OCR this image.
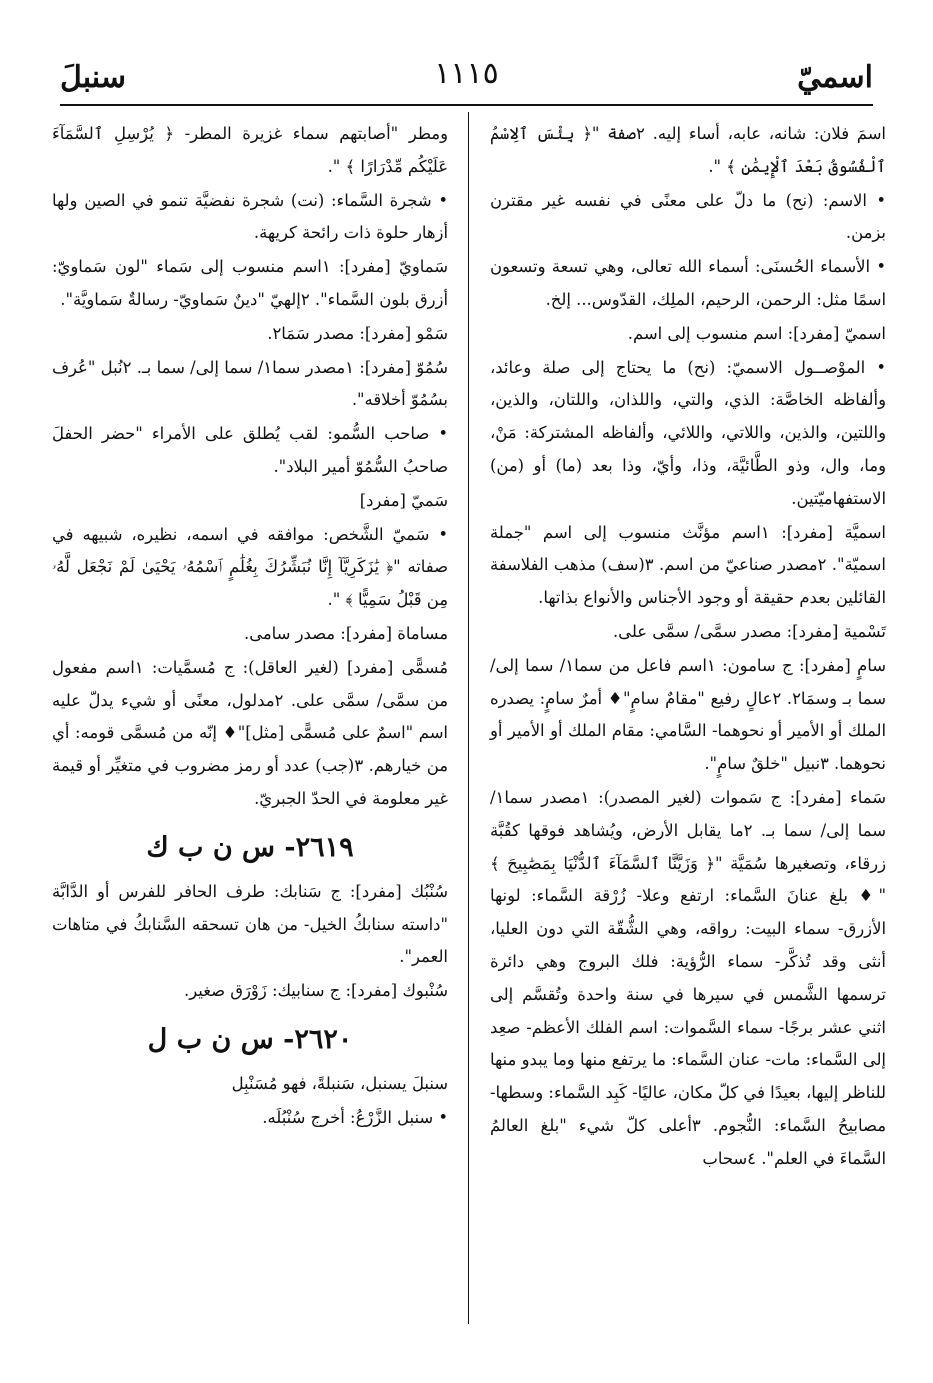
اسميّ
١١١٥
سنبلَ

اسمَ فلان: شانه، عابه، أساء إليه. ٢صفة "﴿ بِئْسَ ٱلِاسْمُ ٱلْفُسُوقُ بَعْدَ ٱلْإِيمَٰنِ ﴾ ".

• الاسم: (نح) ما دلّ على معنًى في نفسه غير مقترن بزمن.

• الأسماء الحُسنَى: أسماء الله تعالى، وهي تسعة وتسعون اسمًا مثل: الرحمن، الرحيم، الملِك، القدّوس... إلخ.

اسميّ [مفرد]: اسم منسوب إلى اسم.

• الموْصــول الاسميّ: (نح) ما يحتاج إلى صلة وعائد، وألفاظه الخاصَّة: الذي، والتي، واللذان، واللتان، والذين، واللتين، والذين، واللاتي، واللائي، وألفاظه المشتركة: مَنْ، وما، وال، وذو الطَّائيَّة، وذا، وأيّ، وذا بعد (ما) أو (من) الاستفهاميّتين.

اسميَّة [مفرد]: ١اسم مؤنَّث منسوب إلى اسم "جملة اسميّة". ٢مصدر صناعيّ من اسم. ٣(سف) مذهب الفلاسفة القائلين بعدم حقيقة أو وجود الأجناس والأنواع بذاتها.

تَسْمية [مفرد]: مصدر سمَّى/ سمَّى على.

سامٍ [مفرد]: ج سامون: ١اسم فاعل من سما١/ سما إلى/ سما بـ وسمَا٢. ٢عالٍ رفيع "مقامٌ سامٍ"♦ أمرٌ سامٍ: يصدره الملك أو الأمير أو نحوهما- السَّامي: مقام الملك أو الأمير أو نحوهما. ٣نبيل "خلقٌ سامٍ".

سَماء [مفرد]: ج سَموات (لغير المصدر): ١مصدر سما١/ سما إلى/ سما بـ. ٢ما يقابل الأرض، ويُشاهد فوقها كقُبَّة زرقاء، وتصغيرها سُمَيَّة "﴿ وَزَيَّنَّا ٱلسَّمَآءَ ٱلدُّنْيَا بِمَصَٰبِيحَ ﴾ "♦ بلغ عنانَ السَّماء: ارتفع وعلا- زُرْقة السَّماء: لونها الأزرق- سماء البيت: رواقه، وهي الشُّقّة التي دون العليا، أنثى وقد تُذكَّر- سماء الرُّؤية: فلك البروج وهي دائرة ترسمها الشَّمس في سيرها في سنة واحدة وتُقسَّم إلى اثني عشر برجًا- سماء السَّموات: اسم الفلك الأعظم- صعِد إلى السَّماء: مات- عنان السَّماء: ما يرتفع منها وما يبدو منها للناظر إليها، بعيدًا في كلّ مكان، عاليًا- كَبِد السَّماء: وسطها- مصابيحُ السَّماء: النُّجوم. ٣أعلى كلّ شيء "بلغ العالمُ السَّماءَ في العلم". ٤سحاب

ومطر "أصابتهم سماء غزيرة المطر- ﴿ يُرْسِلِ ٱلسَّمَآءَ عَلَيْكُم مِّدْرَارًا ﴾ ".

• شجرة السَّماء: (نت) شجرة نفضيَّة تنمو في الصين ولها أزهار حلوة ذات رائحة كريهة.

سَماويّ [مفرد]: ١اسم منسوب إلى سَماء "لون سَماويّ: أزرق بلون السَّماء". ٢إلهيّ "دينٌ سَماويّ- رسالةٌ سَماويَّة".

سَمْو [مفرد]: مصدر سَمَا٢.

سُمُوّ [مفرد]: ١مصدر سما١/ سما إلى/ سما بـ. ٢نُبل "عُرف بسُمُوّ أخلاقه".

• صاحب السُّمو: لقب يُطلق على الأمراء "حضر الحفلَ صاحبُ السُّمُوّ أمير البلاد".

سَميّ [مفرد]

• سَميّ الشَّخص: موافقه في اسمه، نظيره، شبيهه في صفاته "﴿ يَٰزَكَرِيَّآ إِنَّا نُبَشِّرُكَ بِغُلَٰمٍ ٱسْمُهُۥ يَحْيَىٰ لَمْ نَجْعَل لَّهُۥ مِن قَبْلُ سَمِيًّا ﴾ ".

مساماة [مفرد]: مصدر سامى.

مُسمًّى [مفرد] (لغير العاقل): ج مُسمَّيات: ١اسم مفعول من سمَّى/ سمَّى على. ٢مدلول، معنًى أو شيء يدلّ عليه اسم "اسمٌ على مُسمًّى [مثل]"♦ إنّه من مُسمَّى قومه: أي من خيارهم. ٣(جب) عدد أو رمز مضروب في متغيِّر أو قيمة غير معلومة في الحدّ الجبريّ.

٢٦١٩- س ن ب ك

سُنْبُك [مفرد]: ج سَنابك: طرف الحافر للفرس أو الدَّابَّة "داسته سنابكُ الخيل- من هان تسحقه السَّنابكُ في متاهات العمر".

سُنْبوك [مفرد]: ج سنابيك: زَوْرَق صغير.

٢٦٢٠- س ن ب ل

سنبلَ يسنبل، سَنبلةً، فهو مُسَنْبِل

• سنبل الزَّرْعُ: أخرج سُنْبُلَه.
